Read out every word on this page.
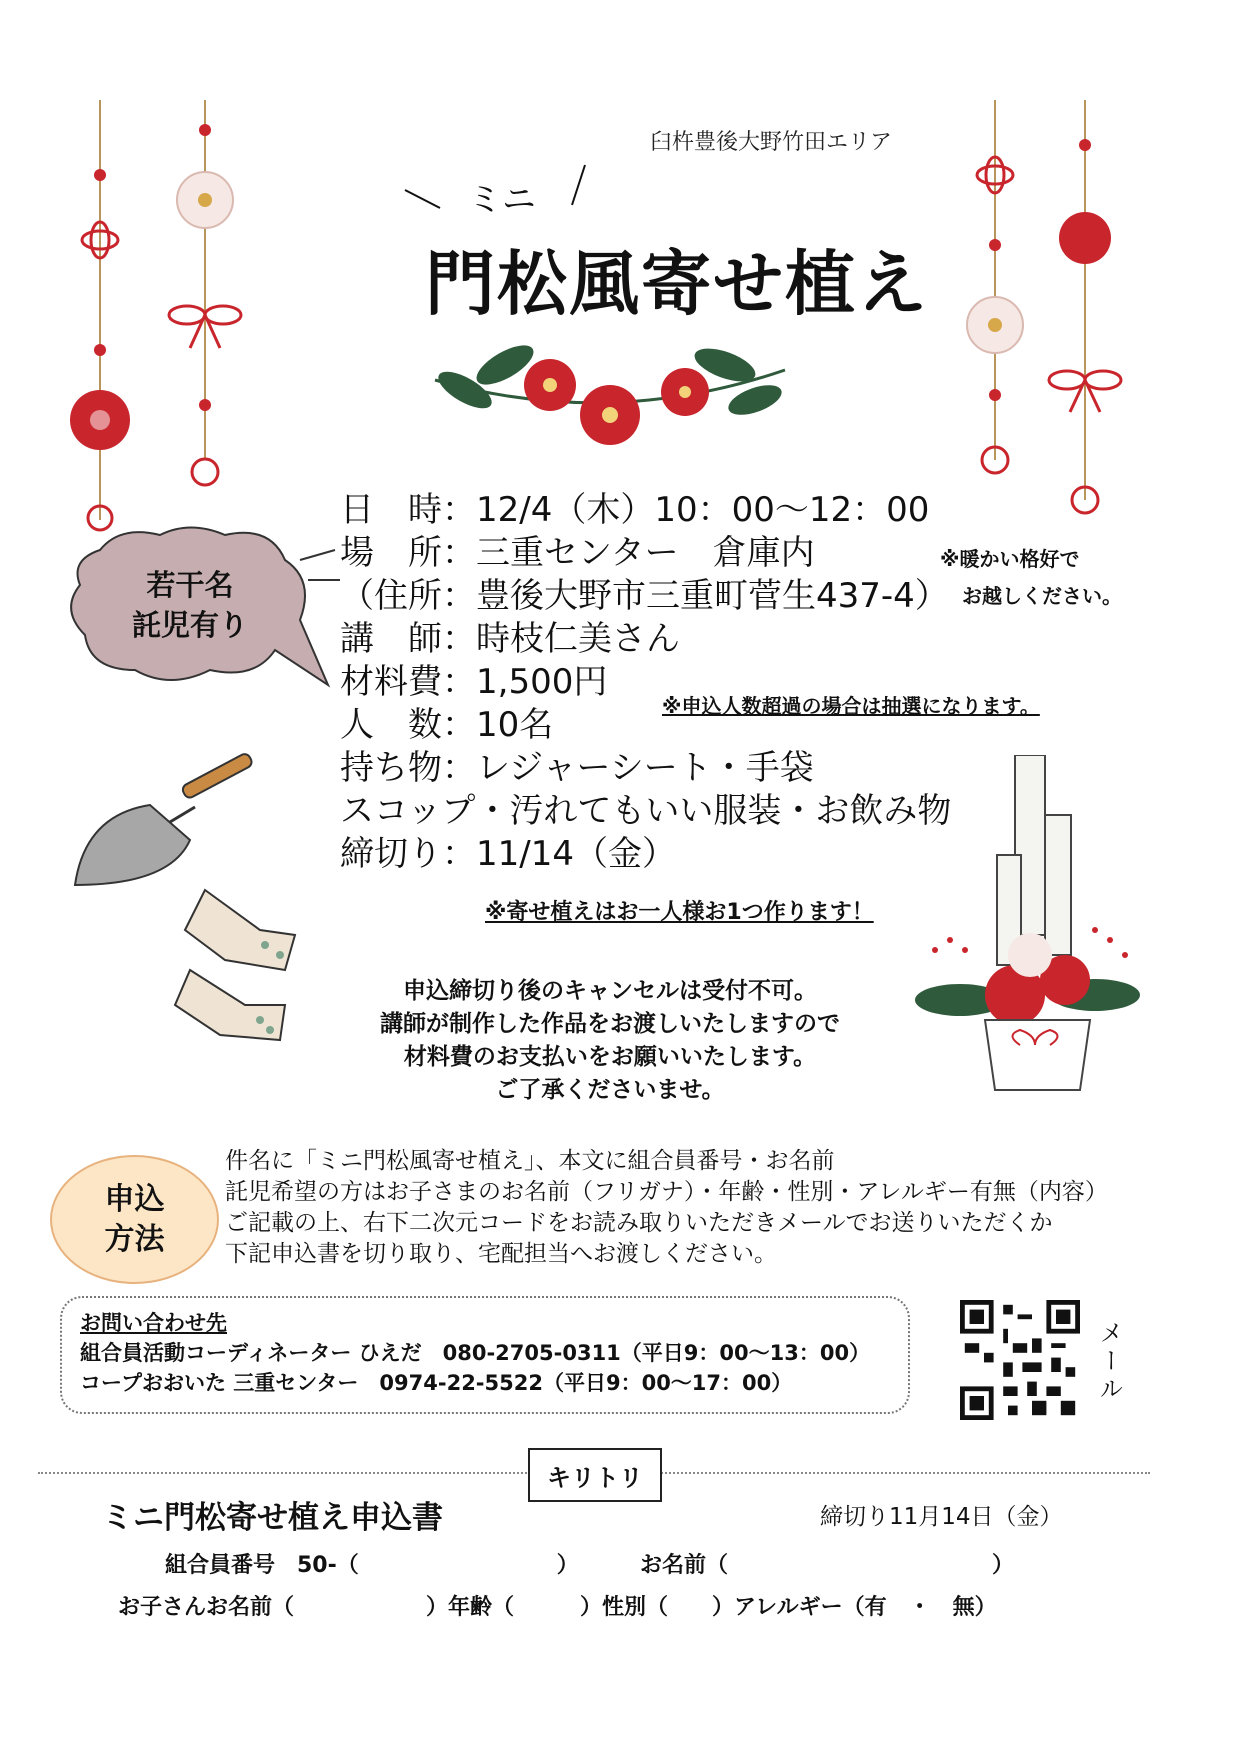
臼杵豊後大野竹田エリア
ミニ
門松風寄せ植え
若干名
託児有り
日　時：12/4（木）10：00〜12：00
場　所：三重センター　倉庫内
（住所：豊後大野市三重町菅生437-4）
講　師：時枝仁美さん
材料費：1,500円
人　数：10名
持ち物：レジャーシート・手袋
スコップ・汚れてもいい服装・お飲み物
締切り：11/14（金）
※暖かい格好で
お越しください。
※申込人数超過の場合は抽選になります。
※寄せ植えはお一人様お1つ作ります！
申込締切り後のキャンセルは受付不可。
講師が制作した作品をお渡しいたしますので
材料費のお支払いをお願いいたします。
ご了承くださいませ。
申込
方法
件名に「ミニ門松風寄せ植え」、本文に組合員番号・お名前
託児希望の方はお子さまのお名前（フリガナ）・年齢・性別・アレルギー有無（内容）
ご記載の上、右下二次元コードをお読み取りいただきメールでお送りいただくか
下記申込書を切り取り、宅配担当へお渡しください。
お問い合わせ先
組合員活動コーディネーター ひえだ　080-2705-0311（平日9：00〜13：00）
コープおおいた 三重センター　0974-22-5522（平日9：00〜17：00）	メール
キリトリ
ミニ門松寄せ植え申込書	締切り11月14日（金）
組合員番号　50-（　　　　　　　　　）	お名前（　　　　　　　　　　　　）
お子さんお名前（　　　　　　）年齢（　　　）性別（　　）アレルギー（有　・　無）
